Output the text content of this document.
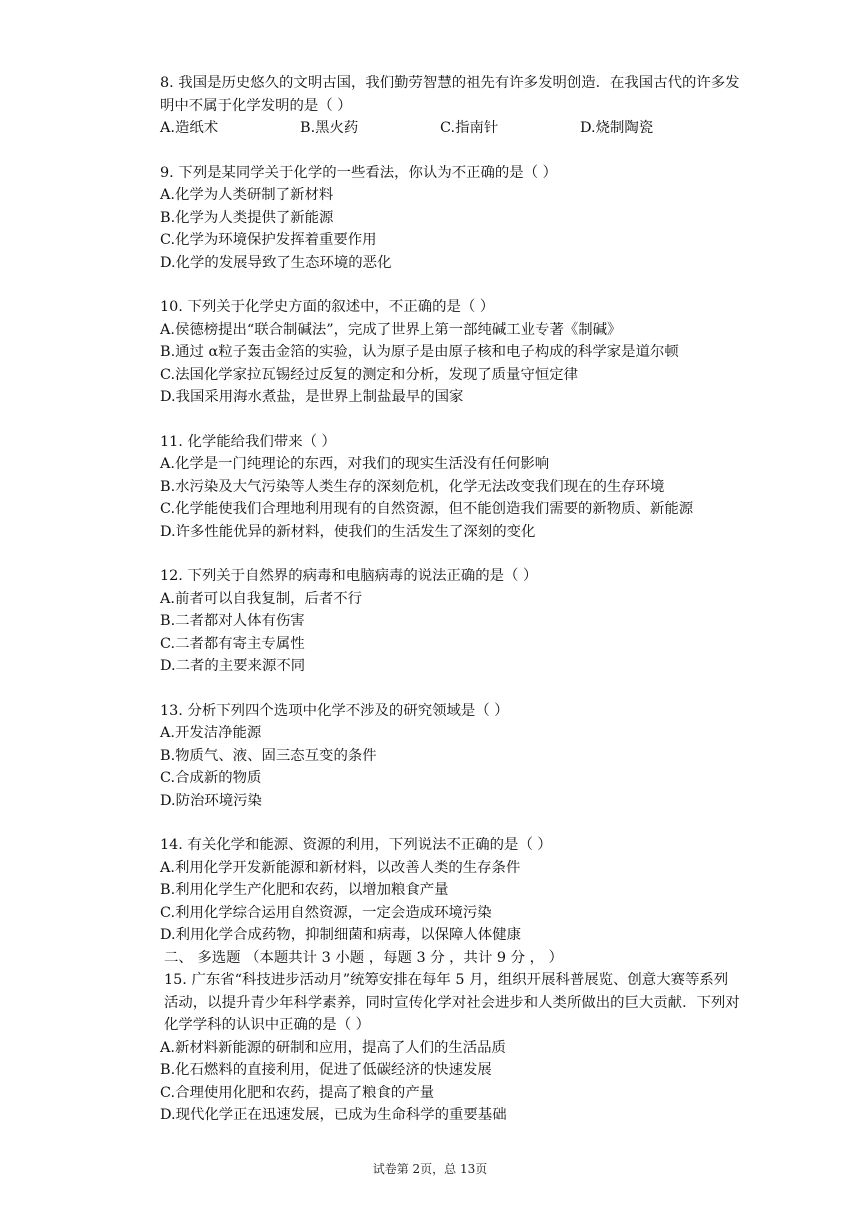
8. 我国是历史悠久的文明古国，我们勤劳智慧的祖先有许多发明创造．在我国古代的许多发明中不属于化学发明的是（ ）
A.造纸术	B.黑火药	C.指南针	D.烧制陶瓷
9. 下列是某同学关于化学的一些看法，你认为不正确的是（ ）
A.化学为人类研制了新材料
B.化学为人类提供了新能源
C.化学为环境保护发挥着重要作用
D.化学的发展导致了生态环境的恶化
10. 下列关于化学史方面的叙述中，不正确的是（ ）
A.侯德榜提出“联合制碱法”，完成了世界上第一部纯碱工业专著《制碱》
B.通过 α粒子轰击金箔的实验，认为原子是由原子核和电子构成的科学家是道尔顿
C.法国化学家拉瓦锡经过反复的测定和分析，发现了质量守恒定律
D.我国采用海水煮盐，是世界上制盐最早的国家
11. 化学能给我们带来（ ）
A.化学是一门纯理论的东西，对我们的现实生活没有任何影响
B.水污染及大气污染等人类生存的深刻危机，化学无法改变我们现在的生存环境
C.化学能使我们合理地利用现有的自然资源，但不能创造我们需要的新物质、新能源
D.许多性能优异的新材料，使我们的生活发生了深刻的变化
12. 下列关于自然界的病毒和电脑病毒的说法正确的是（ ）
A.前者可以自我复制，后者不行
B.二者都对人体有伤害
C.二者都有寄主专属性
D.二者的主要来源不同
13. 分析下列四个选项中化学不涉及的研究领域是（ ）
A.开发洁净能源
B.物质气、液、固三态互变的条件
C.合成新的物质
D.防治环境污染
14. 有关化学和能源、资源的利用，下列说法不正确的是（ ）
A.利用化学开发新能源和新材料，以改善人类的生存条件
B.利用化学生产化肥和农药，以增加粮食产量
C.利用化学综合运用自然资源，一定会造成环境污染
D.利用化学合成药物，抑制细菌和病毒，以保障人体健康
二、 多选题 （本题共计 3 小题 ，每题 3 分 ，共计 9 分 ， ）
15. 广东省“科技进步活动月”统筹安排在每年 5 月，组织开展科普展览、创意大赛等系列活动，以提升青少年科学素养，同时宣传化学对社会进步和人类所做出的巨大贡献．下列对化学学科的认识中正确的是（ ）
A.新材料新能源的研制和应用，提高了人们的生活品质
B.化石燃料的直接利用，促进了低碳经济的快速发展
C.合理使用化肥和农药，提高了粮食的产量
D.现代化学正在迅速发展，已成为生命科学的重要基础
试卷第 2页，总 13页
